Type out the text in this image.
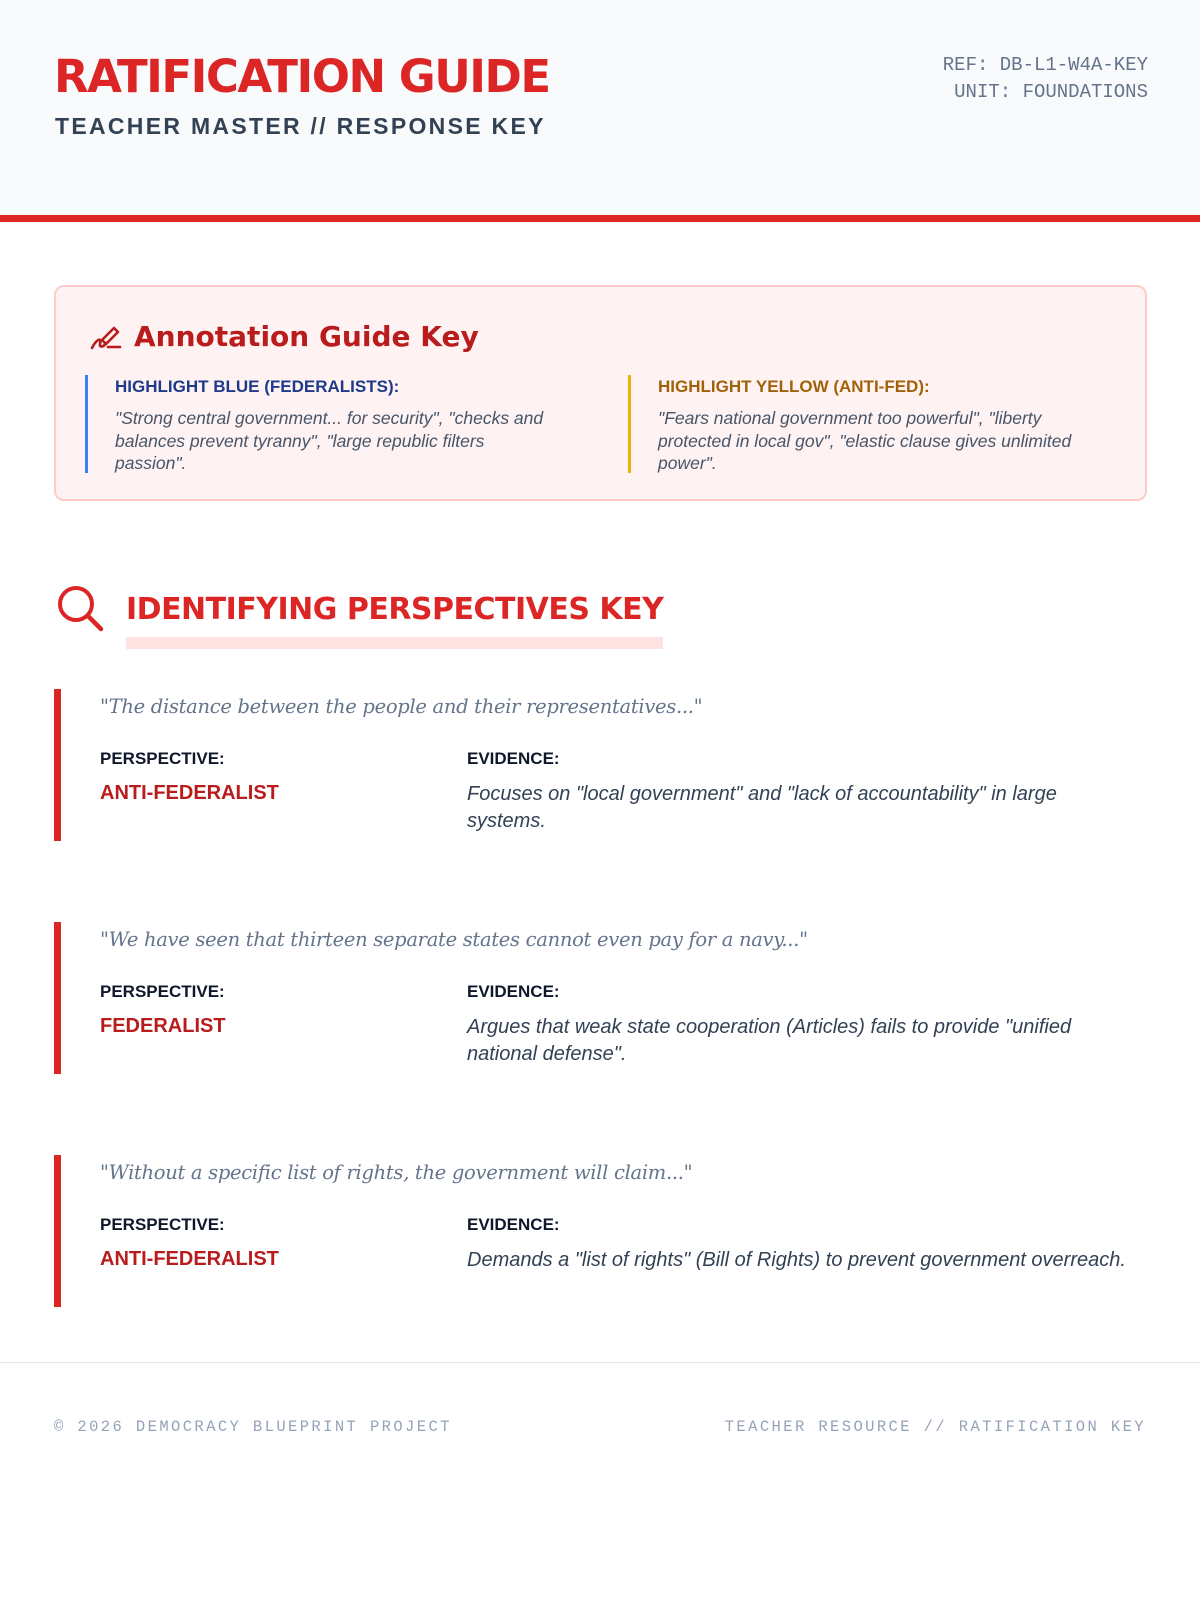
RATIFICATION GUIDE
TEACHER MASTER // RESPONSE KEY
REF: DB-L1-W4A-KEY
UNIT: FOUNDATIONS
Annotation Guide Key
HIGHLIGHT BLUE (FEDERALISTS):
"Strong central government... for security", "checks and balances prevent tyranny", "large republic filters passion".
HIGHLIGHT YELLOW (ANTI-FED):
"Fears national government too powerful", "liberty protected in local gov", "elastic clause gives unlimited power".
IDENTIFYING PERSPECTIVES KEY
"The distance between the people and their representatives..."
PERSPECTIVE:	EVIDENCE:
ANTI-FEDERALIST	Focuses on "local government" and "lack of accountability" in large systems.
"We have seen that thirteen separate states cannot even pay for a navy..."
PERSPECTIVE:	EVIDENCE:
FEDERALIST	Argues that weak state cooperation (Articles) fails to provide "unified national defense".
"Without a specific list of rights, the government will claim..."
PERSPECTIVE:	EVIDENCE:
ANTI-FEDERALIST	Demands a "list of rights" (Bill of Rights) to prevent government overreach.
© 2026 DEMOCRACY BLUEPRINT PROJECT	TEACHER RESOURCE // RATIFICATION KEY
